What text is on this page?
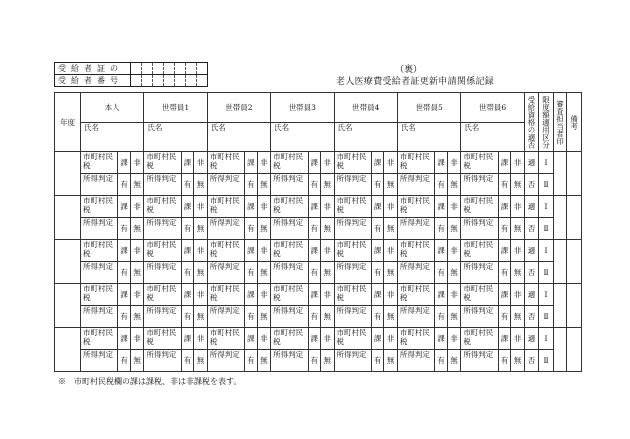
受給者証の							
受給者番号							
（裏）
老人医療費受給者証更新申請関係記録
年度	本人			世帯員1			世帯員2			世帯員3			世帯員4			世帯員5			世帯員6			受給資格の適否	限度額適用区分	審査担当者印	備考

	氏名			氏名			氏名			氏名			氏名			氏名			氏名						
	市町村民税	課	非	市町村民税	課	非	市町村民税	課	非	市町村民税	課	非	市町村民税	課	非	市町村民税	課	非	市町村民税	課	非	適	Ⅰ		
	所得判定	有	無	所得判定	有	無	所得判定	有	無	所得判定	有	無	所得判定	有	無	所得判定	有	無	所得判定	有	無	否	Ⅱ		
	市町村民税	課	非	市町村民税	課	非	市町村民税	課	非	市町村民税	課	非	市町村民税	課	非	市町村民税	課	非	市町村民税	課	非	適	Ⅰ		
	所得判定	有	無	所得判定	有	無	所得判定	有	無	所得判定	有	無	所得判定	有	無	所得判定	有	無	所得判定	有	無	否	Ⅱ		
	市町村民税	課	非	市町村民税	課	非	市町村民税	課	非	市町村民税	課	非	市町村民税	課	非	市町村民税	課	非	市町村民税	課	非	適	Ⅰ		
	所得判定	有	無	所得判定	有	無	所得判定	有	無	所得判定	有	無	所得判定	有	無	所得判定	有	無	所得判定	有	無	否	Ⅱ		
	市町村民税	課	非	市町村民税	課	非	市町村民税	課	非	市町村民税	課	非	市町村民税	課	非	市町村民税	課	非	市町村民税	課	非	適	Ⅰ		
	所得判定	有	無	所得判定	有	無	所得判定	有	無	所得判定	有	無	所得判定	有	無	所得判定	有	無	所得判定	有	無	否	Ⅱ		
	市町村民税	課	非	市町村民税	課	非	市町村民税	課	非	市町村民税	課	非	市町村民税	課	非	市町村民税	課	非	市町村民税	課	非	適	Ⅰ		
	所得判定	有	無	所得判定	有	無	所得判定	有	無	所得判定	有	無	所得判定	有	無	所得判定	有	無	所得判定	有	無	否	Ⅱ		
※　市町村民税欄の課は課税、非は非課税を表す。
